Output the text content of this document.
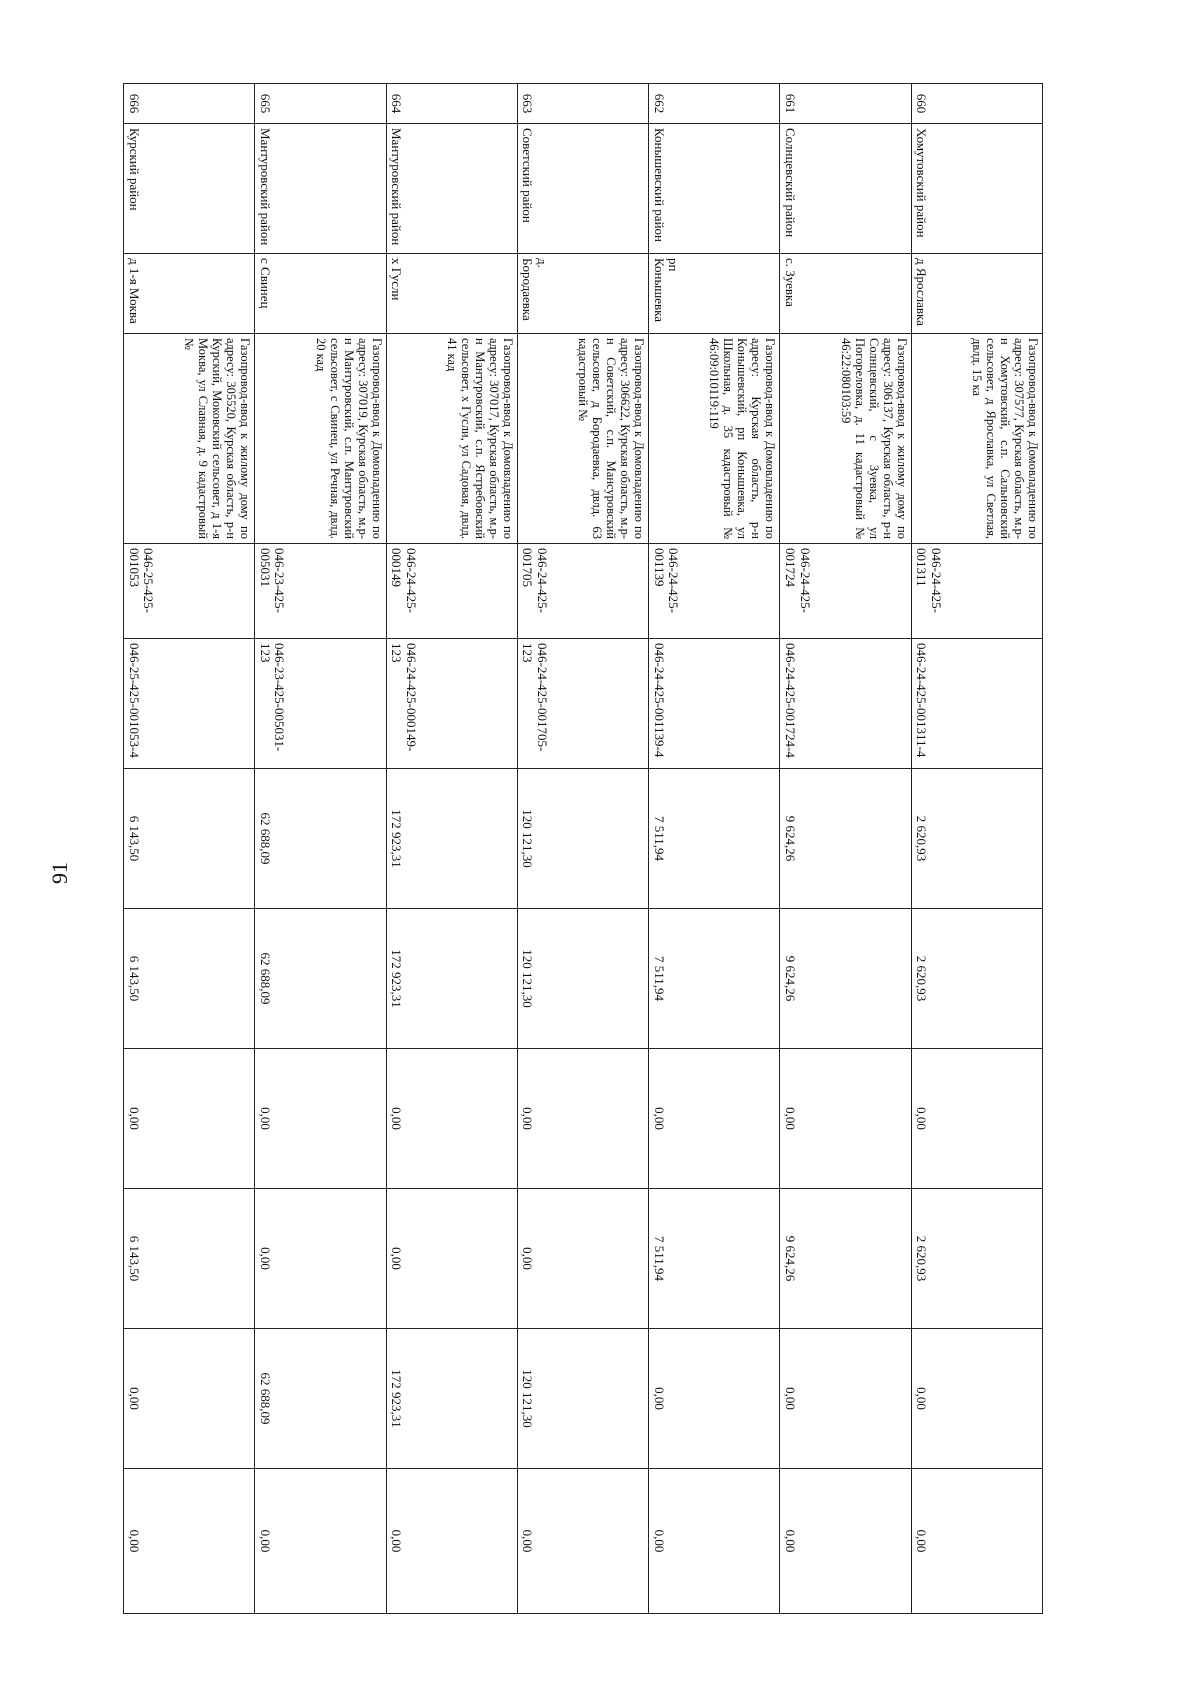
91
660	Хомутовский район	д Ярославка	Газопровод-ввод к Домовладению по адресу: 307577, Курская область, м.р-н Хомутовский, с.п. Сальновский сельсовет, д Ярославка, ул Светлая, двлд. 15 ка	046-24-425-001311	046-24-425-001311-4	2 620,93	2 620,93	0,00	2 620,93	0,00	0,00
661	Солнцевский район	с. Зуевка	Газопровод-ввод к жилому дому по адресу: 306137, Курская область, р-н Солнцевский, с Зуевка, ул Погореловка, д. 11 кадастровый № 46:22:080103:59	046-24-425-001724	046-24-425-001724-4	9 624,26	9 624,26	0,00	9 624,26	0,00	0,00
662	Конышевский район	рп Конышевка	Газопровод-ввод к Домовладению по адресу: Курская область, р-н Конышевский, рп Конышевка, ул Школьная, д. 35 кадастровый № 46:09:010119:119	046-24-425-001139	046-24-425-001139-4	7 511,94	7 511,94	0,00	7 511,94	0,00	0,00
663	Советский район	д. Бородаевка	Газопровод-ввод к Домовладению по адресу: 306622, Курская область, м.р-н Советский, с.п. Мансуровский сельсовет, д Бородаевка, двлд. 63 кадастровый №	046-24-425-001705	046-24-425-001705-123	120 121,30	120 121,30	0,00	0,00	120 121,30	0,00
664	Мантуровский район	х Гусли	Газопровод-ввод к Домовладению по адресу: 307017, Курская область, м.р-н Мантуровский, с.п. Ястребовский сельсовет, х Гусли, ул Садовая, двлд. 41 кад	046-24-425-000149	046-24-425-000149-123	172 923,31	172 923,31	0,00	0,00	172 923,31	0,00
665	Мантуровский район	с Свинец	Газопровод-ввод к Домовладению по адресу: 307019, Курская область, м.р-н Мантуровский, с.п. Мантуровский сельсовет, с Свинец, ул Речная, двлд. 20 кад	046-23-425-005031	046-23-425-005031-123	62 688,09	62 688,09	0,00	0,00	62 688,09	0,00
666	Курский район	д 1-я Моква	Газопровод-ввод к жилому дому по адресу: 305520, Курская область, р-н Курский, Моковский сельсовет, д 1-я Моква, ул Славная, д. 9 кадастровый №	046-25-425-001053	046-25-425-001053-4	6 143,50	6 143,50	0,00	6 143,50	0,00	0,00
